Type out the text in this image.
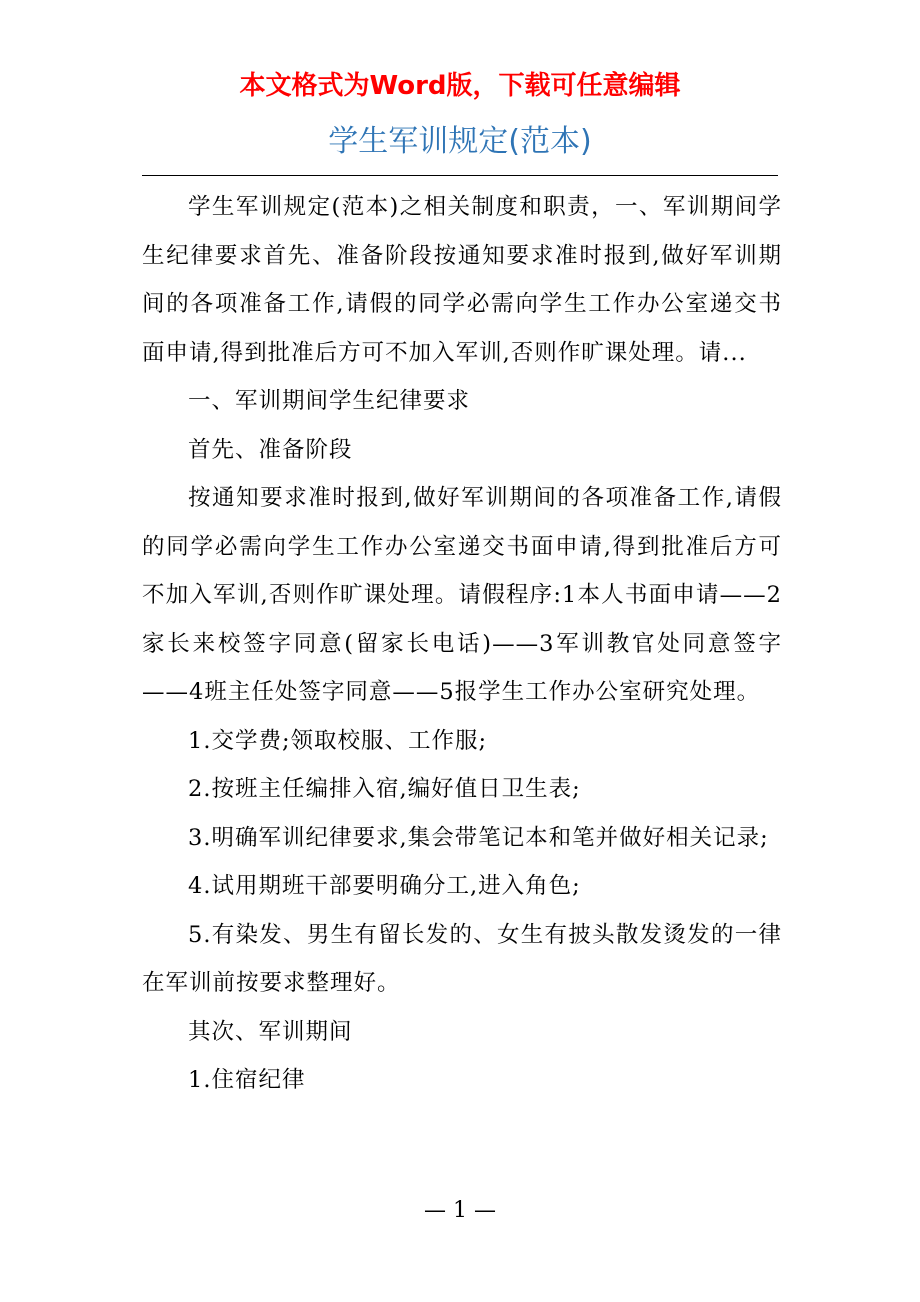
本文格式为Word版，下载可任意编辑
学生军训规定(范本)

学生军训规定(范本)之相关制度和职责，一、军训期间学生纪律要求首先、准备阶段按通知要求准时报到,做好军训期间的各项准备工作,请假的同学必需向学生工作办公室递交书面申请,得到批准后方可不加入军训,否则作旷课处理。请...

一、军训期间学生纪律要求

首先、准备阶段

按通知要求准时报到,做好军训期间的各项准备工作,请假的同学必需向学生工作办公室递交书面申请,得到批准后方可不加入军训,否则作旷课处理。请假程序:1本人书面申请——2家长来校签字同意(留家长电话)——3军训教官处同意签字——4班主任处签字同意——5报学生工作办公室研究处理。

1.交学费;领取校服、工作服;

2.按班主任编排入宿,编好值日卫生表;

3.明确军训纪律要求,集会带笔记本和笔并做好相关记录;

4.试用期班干部要明确分工,进入角色;

5.有染发、男生有留长发的、女生有披头散发烫发的一律在军训前按要求整理好。

其次、军训期间

1.住宿纪律

— 1 —
